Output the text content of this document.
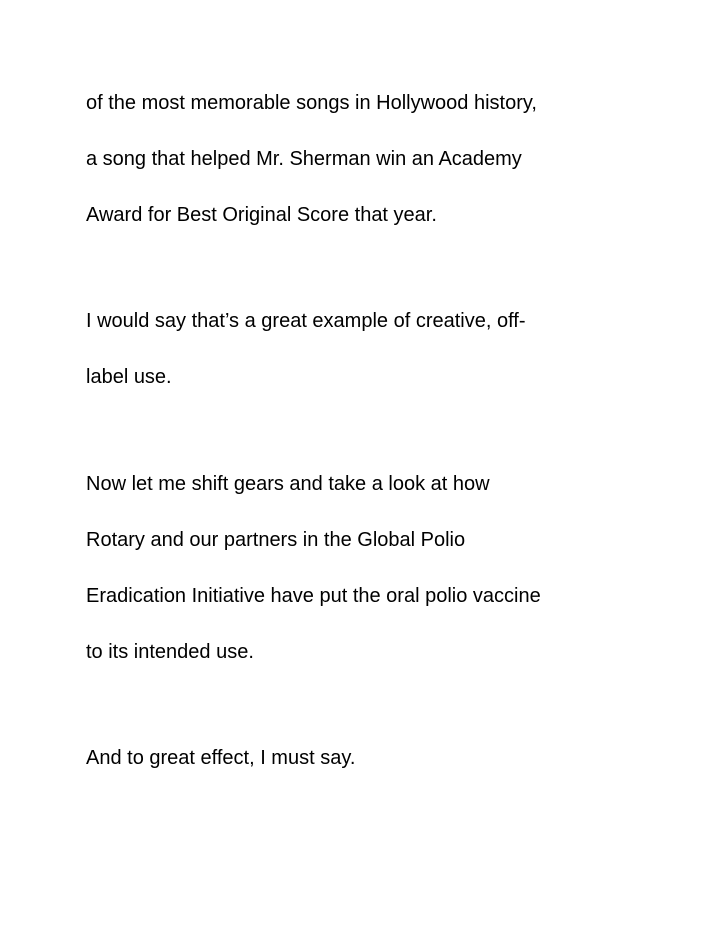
of the most memorable songs in Hollywood history,
a song that helped Mr. Sherman win an Academy
Award for Best Original Score that year.
I would say that’s a great example of creative, off-
label use.
Now let me shift gears and take a look at how
Rotary and our partners in the Global Polio
Eradication Initiative have put the oral polio vaccine
to its intended use.
And to great effect, I must say.
